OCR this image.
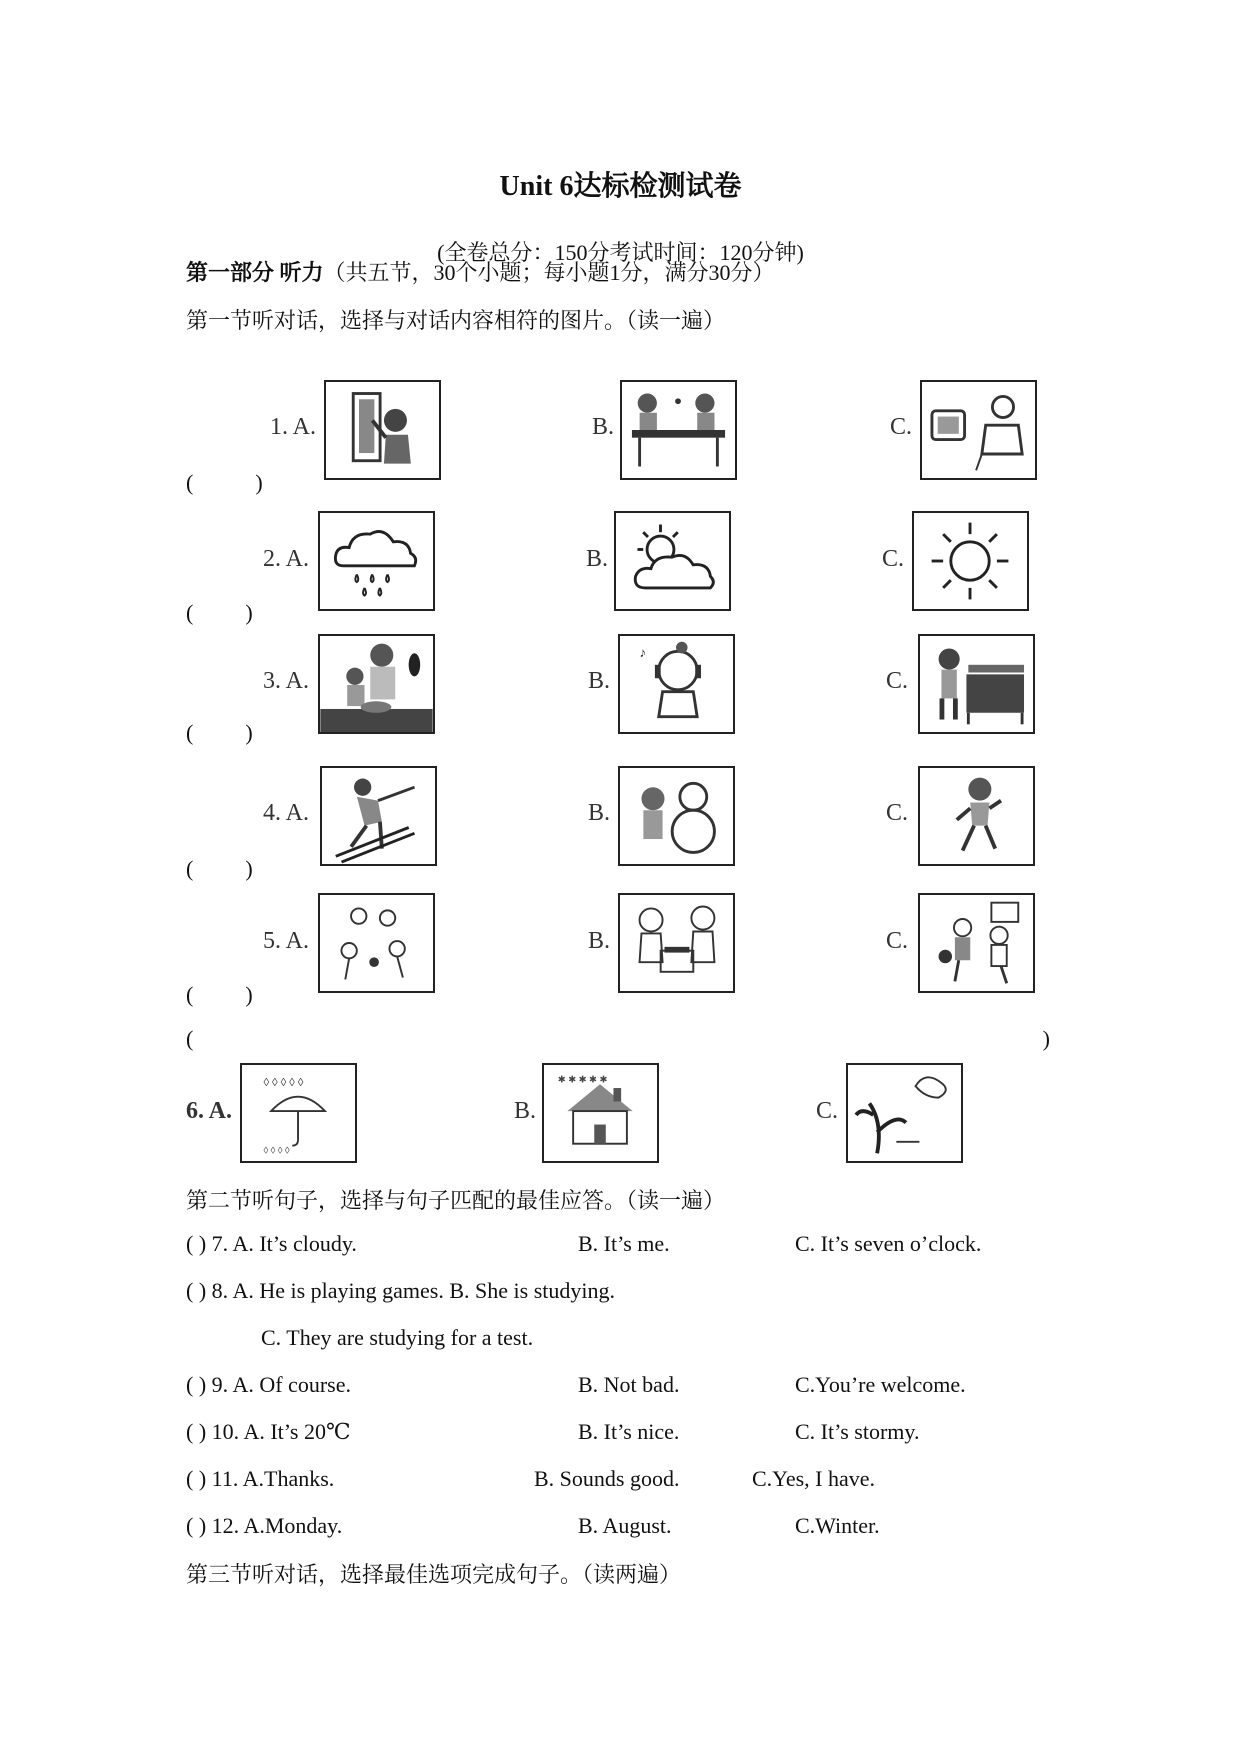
Unit 6达标检测试卷
(全卷总分：150分考试时间：120分钟)
第一部分 听力（共五节，30个小题；每小题1分，满分30分）
第一节听对话，选择与对话内容相符的图片。（读一遍）
1. A.	B.	C.
(	)
2. A.	B.	C.
( )
3. A.	B.
♪
C.
( )
4. A.	B.	C.
( )
5. A.	B.	C.
( )
(	)
6. A.
◊ ◊ ◊ ◊ ◊
◊ ◊ ◊ ◊
B.
✱ ✱ ✱ ✱ ✱
C.
第二节听句子，选择与句子匹配的最佳应答。（读一遍）
( ) 7. A. It’s cloudy.	B. It’s me.	C. It’s seven o’clock.
( ) 8. A. He is playing games. B. She is studying.
C. They are studying for a test.
( ) 9. A. Of course.	B. Not bad.	C.You’re welcome.
( ) 10. A. It’s 20℃	B. It’s nice.	C. It’s stormy.
( ) 11. A.Thanks.	B. Sounds good.	C.Yes, I have.
( ) 12. A.Monday.	B. August.	C.Winter.
第三节听对话，选择最佳选项完成句子。（读两遍）
